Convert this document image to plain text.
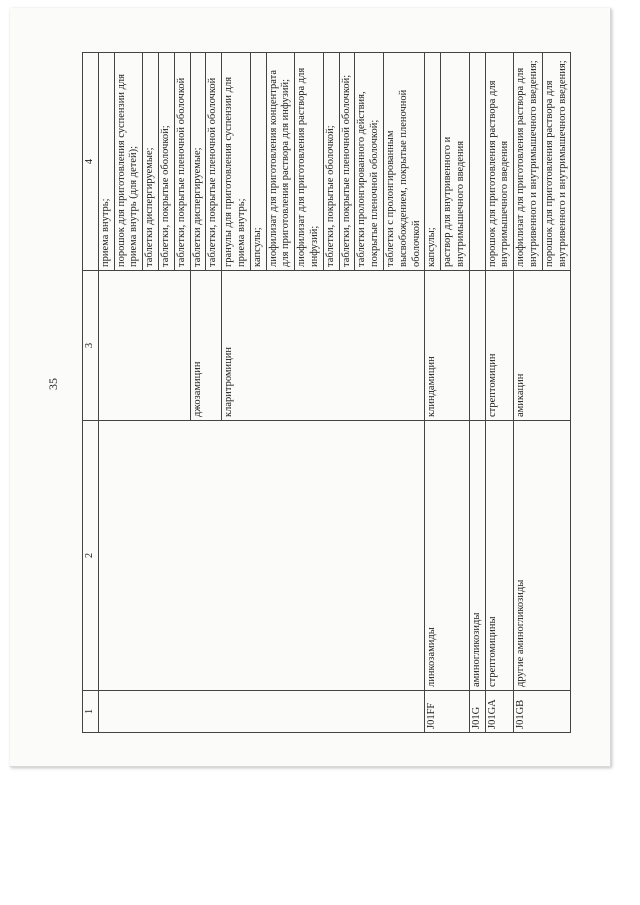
35
1	2	3	4
			приема внутрь;
			порошок для приготовления суспензии для приема внутрь (для детей);
			таблетки диспергируемые;
			таблетки, покрытые оболочкой;
			таблетки, покрытые пленочной оболочкой
		джозамицин	таблетки диспергируемые;
			таблетки, покрытые пленочной оболочкой
		кларитромицин	гранулы для приготовления суспензии для приема внутрь;
			капсулы;
			лиофилизат для приготовления концентрата для приготовления раствора для инфузий;
			лиофилизат для приготовления раствора для инфузий;
			таблетки, покрытые оболочкой;
			таблетки, покрытые пленочной оболочкой;
			таблетки пролонгированного действия, покрытые пленочной оболочкой;
			таблетки с пролонгированным высвобождением, покрытые пленочной оболочкой
J01FF	линкозамиды	клиндамицин	капсулы;
			раствор для внутривенного и внутримышечного введения
J01G	аминогликозиды		
J01GA	стрептомицины	стрептомицин	порошок для приготовления раствора для внутримышечного введения
J01GB	другие аминогликозиды	амикацин	лиофилизат для приготовления раствора для внутривенного и внутримышечного введения;
			порошок для приготовления раствора для внутривенного и внутримышечного введения;
